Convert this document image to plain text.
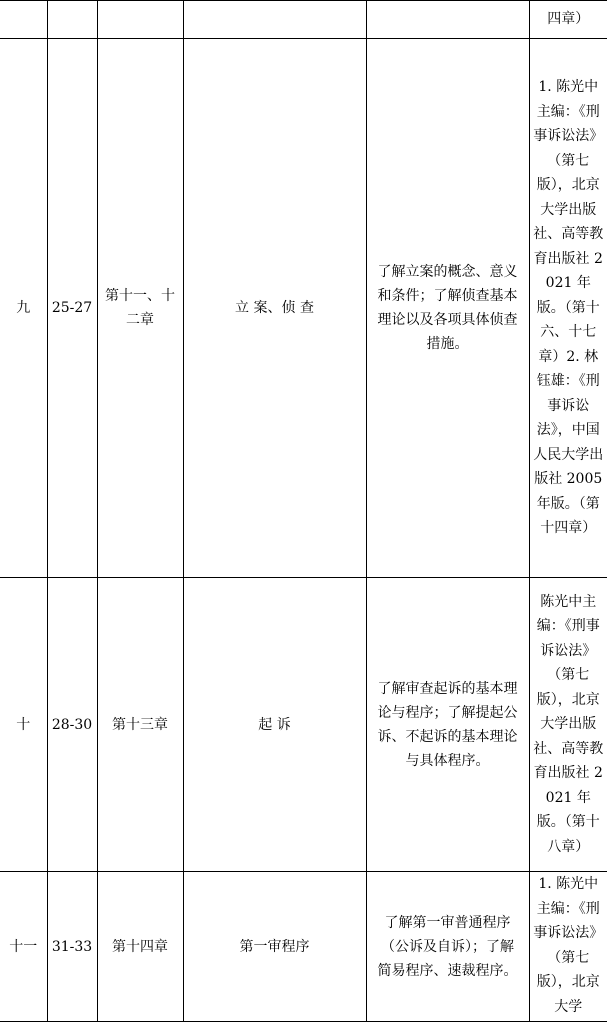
					四章）
九	25-27	第十一、十二章	立 案、侦 查	了解立案的概念、意义和条件；了解侦查基本理论以及各项具体侦查措施。	1. 陈光中主编：《刑事诉讼法》（第七版），北京大学出版社、高等教育出版社 2021 年版。（第十六、十七章）2. 林钰雄：《刑事诉讼法》，中国人民大学出版社 2005 年版。（第十四章）

十	28-30	第十三章	起 诉	了解审查起诉的基本理论与程序；了解提起公诉、不起诉的基本理论与具体程序。	陈光中主编：《刑事诉讼法》（第七版），北京大学出版社、高等教育出版社 2021 年版。（第十八章）

十一	31-33	第十四章	第一审程序	了解第一审普通程序（公诉及自诉）；了解简易程序、速裁程序。	1. 陈光中主编：《刑事诉讼法》（第七版），北京大学
